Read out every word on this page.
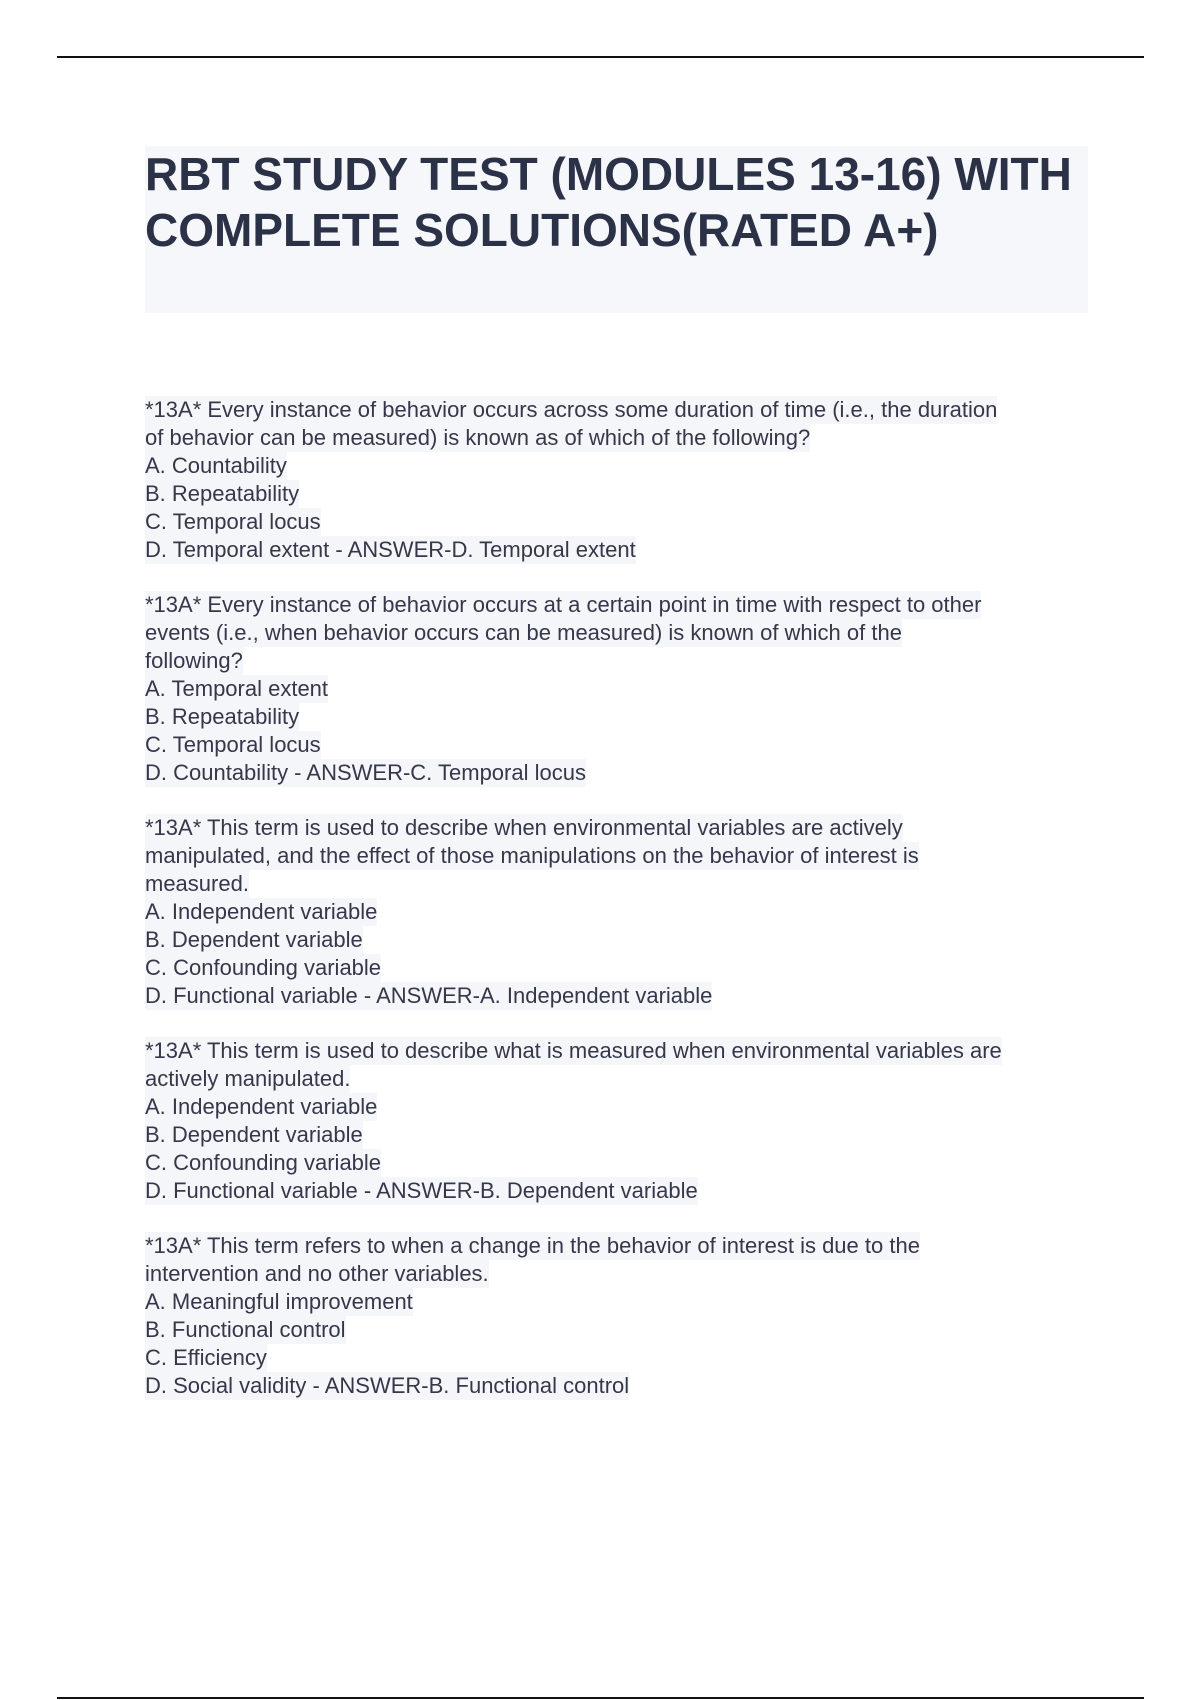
RBT STUDY TEST (MODULES 13-16) WITH COMPLETE SOLUTIONS(RATED A+)
*13A* Every instance of behavior occurs across some duration of time (i.e., the duration
of behavior can be measured) is known as of which of the following?
A. Countability
B. Repeatability
C. Temporal locus
D. Temporal extent - ANSWER-D. Temporal extent
*13A* Every instance of behavior occurs at a certain point in time with respect to other
events (i.e., when behavior occurs can be measured) is known of which of the
following?
A. Temporal extent
B. Repeatability
C. Temporal locus
D. Countability - ANSWER-C. Temporal locus
*13A* This term is used to describe when environmental variables are actively
manipulated, and the effect of those manipulations on the behavior of interest is
measured.
A. Independent variable
B. Dependent variable
C. Confounding variable
D. Functional variable - ANSWER-A. Independent variable
*13A* This term is used to describe what is measured when environmental variables are
actively manipulated.
A. Independent variable
B. Dependent variable
C. Confounding variable
D. Functional variable - ANSWER-B. Dependent variable
*13A* This term refers to when a change in the behavior of interest is due to the
intervention and no other variables.
A. Meaningful improvement
B. Functional control
C. Efficiency
D. Social validity - ANSWER-B. Functional control
